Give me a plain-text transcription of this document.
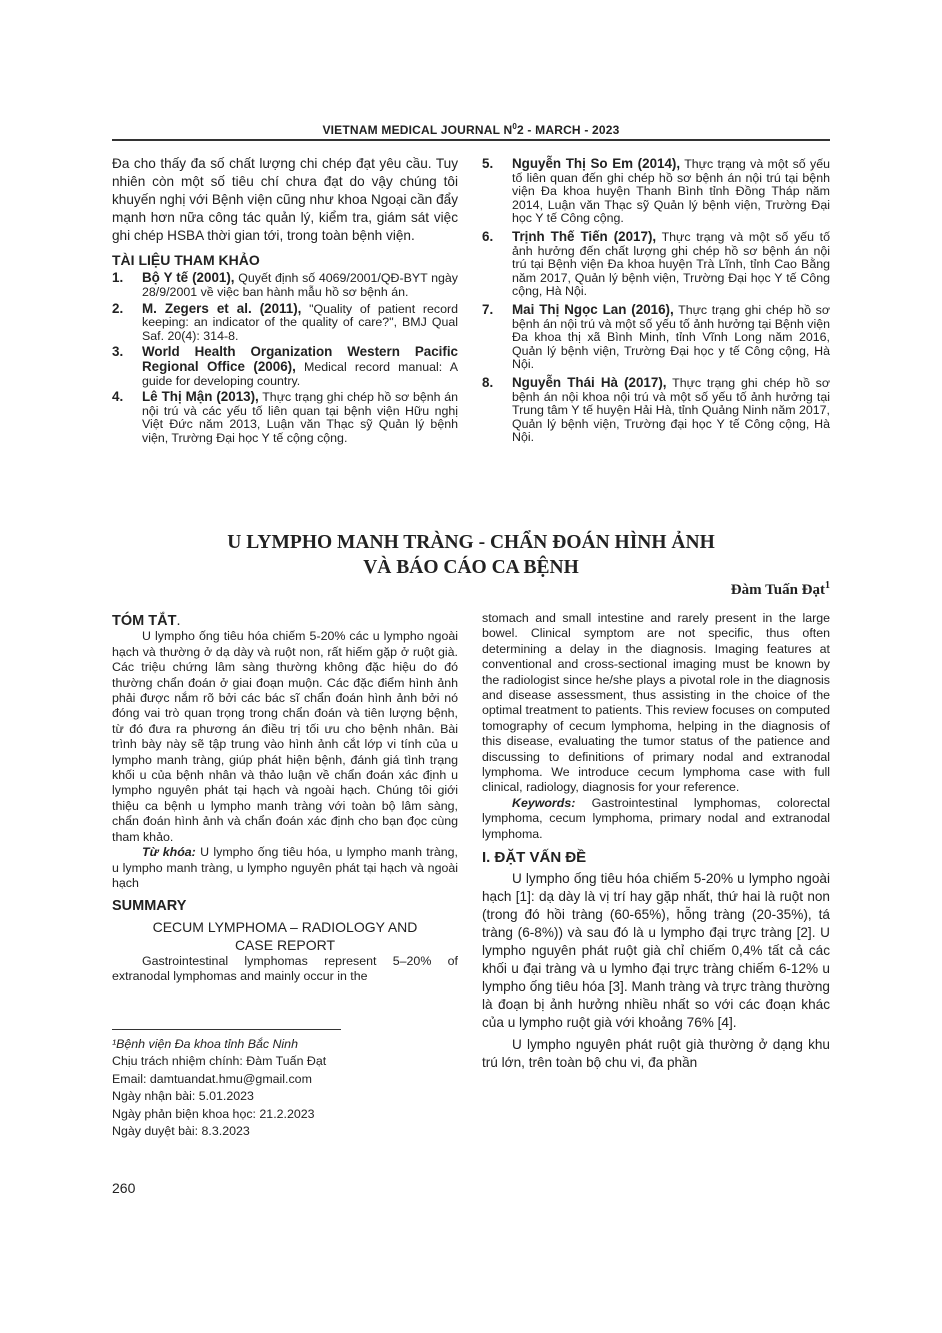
VIETNAM MEDICAL JOURNAL $N^02$ - MARCH - 2023

Đa cho thấy đa số chất lượng chi chép đạt yêu cầu. Tuy nhiên còn một số tiêu chí chưa đạt do vậy chúng tôi khuyến nghị với Bệnh viện cũng như khoa Ngoại cần đẩy mạnh hơn nữa công tác quản lý, kiểm tra, giám sát việc ghi chép HSBA thời gian tới, trong toàn bệnh viện.

TÀI LIỆU THAM KHẢO

1. Bộ Y tế (2001), Quyết định số 4069/2001/QĐ-BYT ngày 28/9/2001 về việc ban hành mẫu hồ sơ bệnh án.
2. M. Zegers et al. (2011), "Quality of patient record keeping: an indicator of the quality of care?", BMJ Qual Saf. 20(4): 314-8.
3. World Health Organization Western Pacific Regional Office (2006), Medical record manual: A guide for developing country.
4. Lê Thị Mận (2013), Thực trạng ghi chép hồ sơ bệnh án nội trú và các yếu tố liên quan tại bệnh viện Hữu nghị Việt Đức năm 2013, Luận văn Thạc sỹ Quản lý bệnh viện, Trường Đại học Y tế cộng cộng.
5. Nguyễn Thị So Em (2014), Thực trạng và một số yếu tố liên quan đến ghi chép hồ sơ bệnh án nội trú tại bệnh viện Đa khoa huyện Thanh Bình tỉnh Đồng Tháp năm 2014, Luận văn Thạc sỹ Quản lý bệnh viện, Trường Đại học Y tế Công cộng.
6. Trịnh Thế Tiến (2017), Thực trạng và một số yếu tố ảnh hưởng đến chất lượng ghi chép hồ sơ bệnh án nội trú tại Bệnh viện Đa khoa huyện Trà Lĩnh, tỉnh Cao Bằng năm 2017, Quản lý bệnh viện, Trường Đại học Y tế Công cộng, Hà Nội.
7. Mai Thị Ngọc Lan (2016), Thực trạng ghi chép hồ sơ bệnh án nội trú và một số yếu tố ảnh hưởng tại Bệnh viện Đa khoa thị xã Bình Minh, tỉnh Vĩnh Long năm 2016, Quản lý bệnh viện, Trường Đại học y tế Công cộng, Hà Nội.
8. Nguyễn Thái Hà (2017), Thực trạng ghi chép hồ sơ bệnh án nội khoa nội trú và một số yếu tố ảnh hưởng tại Trung tâm Y tế huyện Hải Hà, tỉnh Quảng Ninh năm 2017, Quản lý bệnh viện, Trường đại học Y tế Công cộng, Hà Nội.
U LYMPHO MANH TRÀNG - CHẨN ĐOÁN HÌNH ẢNH
VÀ BÁO CÁO CA BỆNH
Đàm Tuấn Đạt$^1$

TÓM TẮT.

U lympho ống tiêu hóa chiếm 5-20% các u lympho ngoài hạch và thường ở dạ dày và ruột non, rất hiếm gặp ở ruột già. Các triệu chứng lâm sàng thường không đặc hiệu do đó thường chẩn đoán ở giai đoạn muộn. Các đặc điểm hình ảnh phải được nắm rõ bởi các bác sĩ chẩn đoán hình ảnh bởi nó đóng vai trò quan trọng trong chẩn đoán và tiên lượng bệnh, từ đó đưa ra phương án điều trị tối ưu cho bệnh nhân. Bài trình bày này sẽ tập trung vào hình ảnh cắt lớp vi tính của u lympho manh tràng, giúp phát hiện bệnh, đánh giá tình trạng khối u của bệnh nhân và thảo luận về chẩn đoán xác định u lympho nguyên phát tại hạch và ngoài hạch. Chúng tôi giới thiệu ca bệnh u lympho manh tràng với toàn bộ lâm sàng, chẩn đoán hình ảnh và chẩn đoán xác định cho bạn đọc cùng tham khảo.

Từ khóa: U lympho ống tiêu hóa, u lympho manh tràng, u lympho manh tràng, u lympho nguyên phát tại hạch và ngoài hạch

SUMMARY

CECUM LYMPHOMA – RADIOLOGY AND
CASE REPORT

Gastrointestinal lymphomas represent 5–20% of extranodal lymphomas and mainly occur in the

¹Bệnh viện Đa khoa tỉnh Bắc Ninh

Chịu trách nhiệm chính: Đàm Tuấn Đạt

Email: damtuandat.hmu@gmail.com

Ngày nhận bài: 5.01.2023

Ngày phản biện khoa học: 21.2.2023

Ngày duyệt bài: 8.3.2023

stomach and small intestine and rarely present in the large bowel. Clinical symptom are not specific, thus often determining a delay in the diagnosis. Imaging features at conventional and cross-sectional imaging must be known by the radiologist since he/she plays a pivotal role in the diagnosis and disease assessment, thus assisting in the choice of the optimal treatment to patients. This review focuses on computed tomography of cecum lymphoma, helping in the diagnosis of this disease, evaluating the tumor status of the patience and discussing to definitions of primary nodal and extranodal lymphoma. We introduce cecum lymphoma case with full clinical, radiology, diagnosis for your reference.

Keywords: Gastrointestinal lymphomas, colorectal lymphoma, cecum lymphoma, primary nodal and extranodal lymphoma.

I. ĐẶT VẤN ĐỀ

U lympho ống tiêu hóa chiếm 5-20% u lympho ngoài hạch [1]: dạ dày là vị trí hay gặp nhất, thứ hai là ruột non (trong đó hồi tràng (60-65%), hỗng tràng (20-35%), tá tràng (6-8%)) và sau đó là u lympho đại trực tràng [2]. U lympho nguyên phát ruột già chỉ chiếm 0,4% tất cả các khối u đại tràng và u lymho đại trực tràng chiếm 6-12% u lympho ống tiêu hóa [3]. Manh tràng và trực tràng thường là đoạn bị ảnh hưởng nhiều nhất so với các đoạn khác của u lympho ruột già với khoảng 76% [4].

U lympho nguyên phát ruột già thường ở dạng khu trú lớn, trên toàn bộ chu vi, đa phần

260
